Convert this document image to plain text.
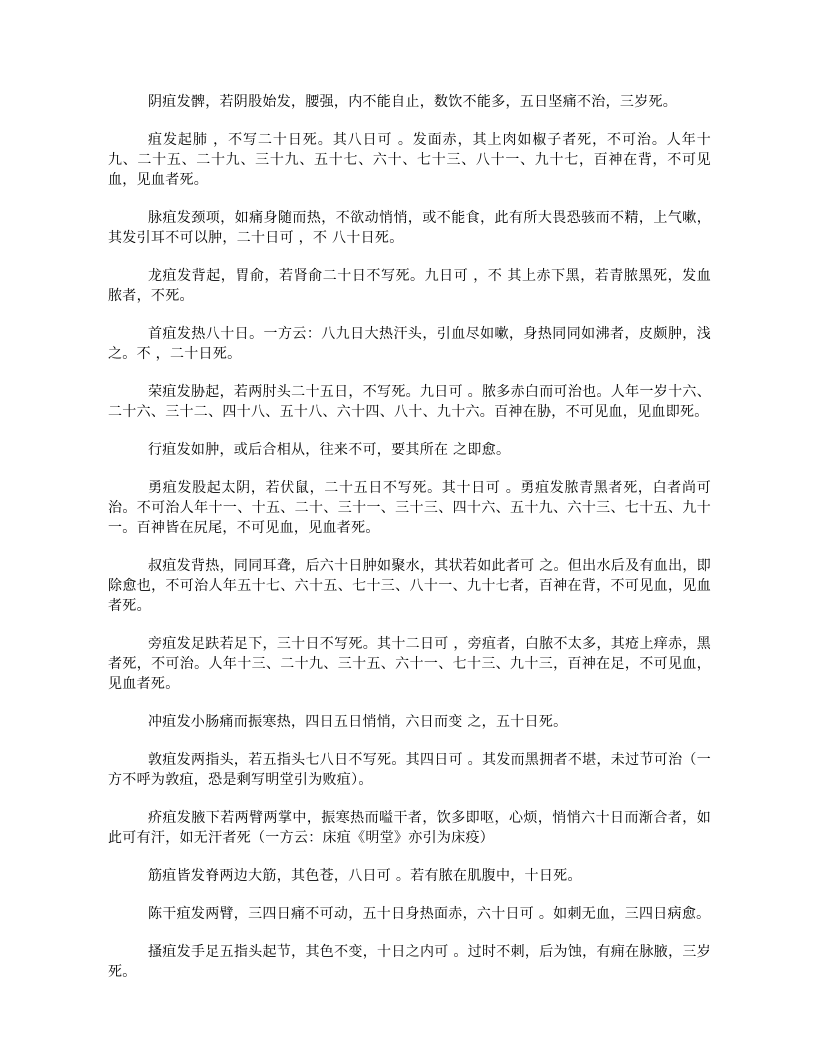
阴疽发髀，若阴股始发，腰强，内不能自止，数饮不能多，五日坚痛不治，三岁死。

疽发起肺 ，不写二十日死。其八日可 。发面赤，其上肉如椒子者死，不可治。人年十九、二十五、二十九、三十九、五十七、六十、七十三、八十一、九十七，百神在背，不可见血，见血者死。

脉疽发颈项，如痛身随而热，不欲动悄悄，或不能食，此有所大畏恐骇而不精，上气嗽，其发引耳不可以肿，二十日可 ，不 八十日死。

龙疽发背起，胃俞，若肾俞二十日不写死。九日可 ，不 其上赤下黑，若青脓黑死，发血脓者，不死。

首疽发热八十日。一方云：八九日大热汗头，引血尽如嗽，身热同同如沸者，皮颇肿，浅 之。不 ，二十日死。

荣疽发胁起，若两肘头二十五日，不写死。九日可 。脓多赤白而可治也。人年一岁十六、二十六、三十二、四十八、五十八、六十四、八十、九十六。百神在胁，不可见血，见血即死。

行疽发如肿，或后合相从，往来不可，要其所在 之即愈。

勇疽发股起太阴，若伏鼠，二十五日不写死。其十日可 。勇疽发脓青黑者死，白者尚可治。不可治人年十一、十五、二十、三十一、三十三、四十六、五十九、六十三、七十五、九十一。百神皆在尻尾，不可见血，见血者死。

叔疽发背热，同同耳聋，后六十日肿如聚水，其状若如此者可 之。但出水后及有血出，即除愈也，不可治人年五十七、六十五、七十三、八十一、九十七者，百神在背，不可见血，见血者死。

旁疽发足趺若足下，三十日不写死。其十二日可 ，旁疽者，白脓不太多，其疮上痒赤，黑者死，不可治。人年十三、二十九、三十五、六十一、七十三、九十三，百神在足，不可见血，见血者死。

冲疽发小肠痛而振寒热，四日五日悄悄，六日而变 之，五十日死。

敦疽发两指头，若五指头七八日不写死。其四日可 。其发而黑拥者不堪，未过节可治（一方不呼为敦疽，恐是剩写明堂引为败疽）。

疥疽发腋下若两臂两掌中，振寒热而嗌干者，饮多即呕，心烦，悄悄六十日而渐合者，如此可有汗，如无汗者死（一方云：床疽《明堂》亦引为床疫）

筋疽皆发脊两边大筋，其色苍，八日可 。若有脓在肌腹中，十日死。

陈干疽发两臂，三四日痛不可动，五十日身热面赤，六十日可 。如刺无血，三四日病愈。

搔疽发手足五指头起节，其色不变，十日之内可 。过时不刺，后为蚀，有痈在脉腋，三岁死。
